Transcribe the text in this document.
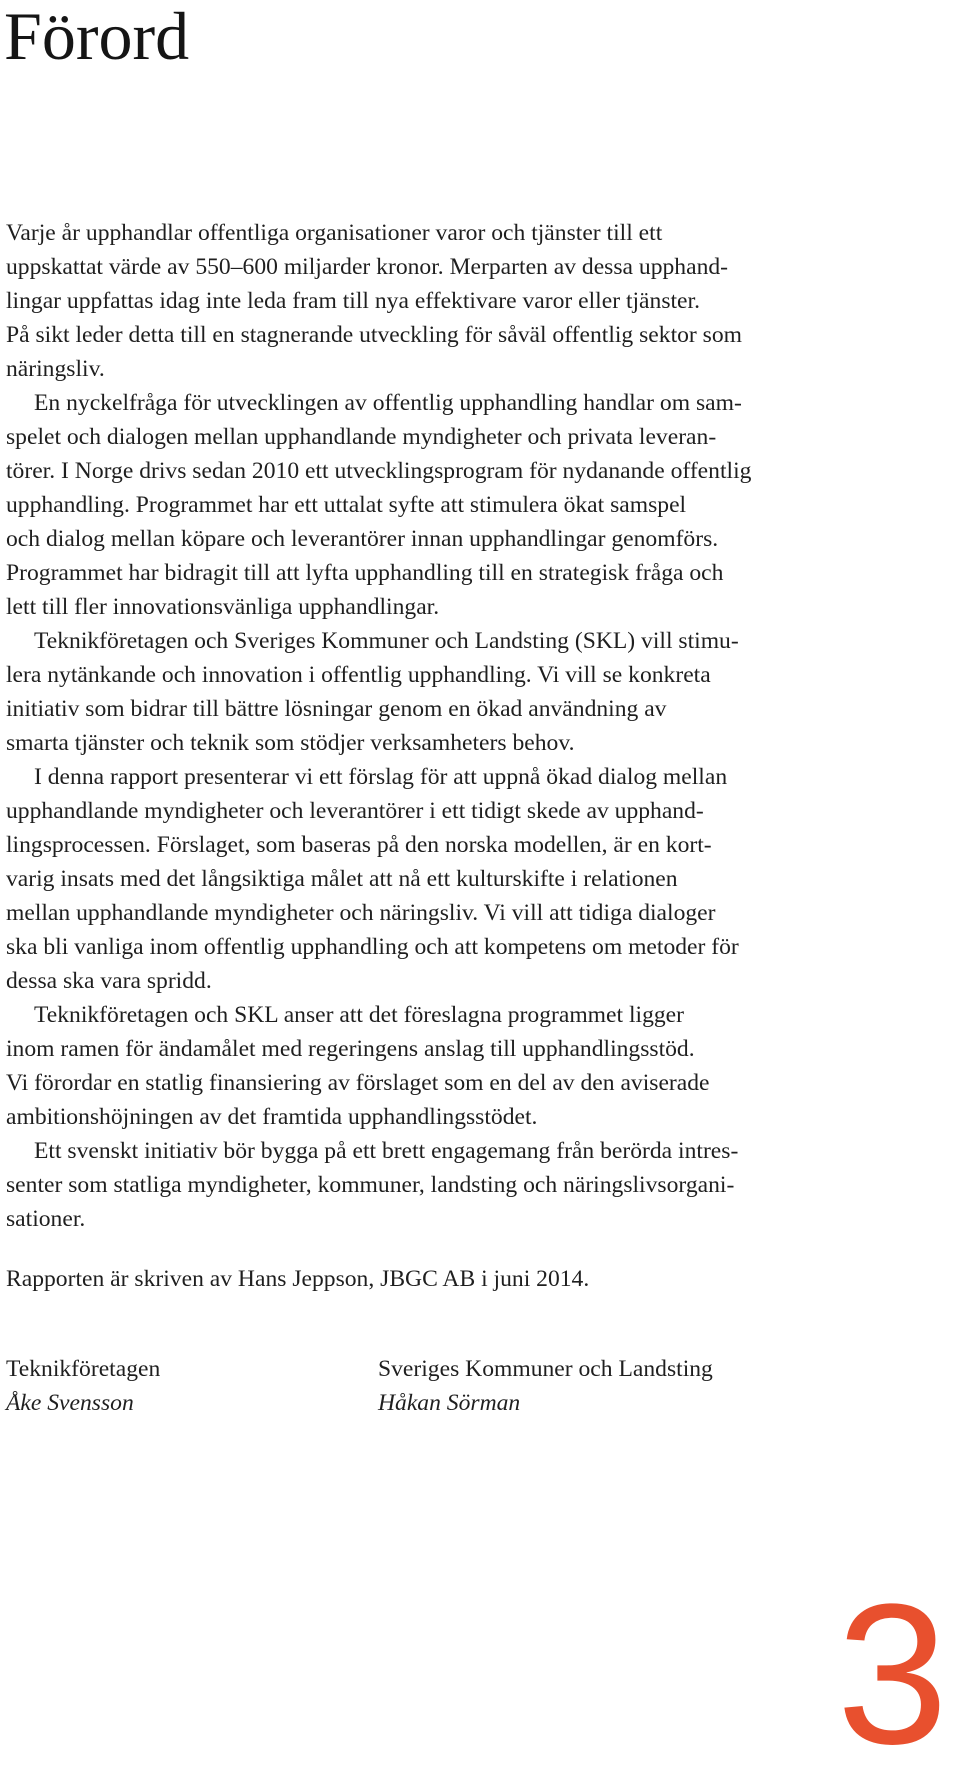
Förord

Varje år upphandlar offentliga organisationer varor och tjänster till ett
uppskattat värde av 550–600 miljarder kronor. Merparten av dessa upphand-
lingar uppfattas idag inte leda fram till nya effektivare varor eller tjänster.
På sikt leder detta till en stagnerande utveckling för såväl offentlig sektor som
näringsliv.

En nyckelfråga för utvecklingen av offentlig upphandling handlar om sam-
spelet och dialogen mellan upphandlande myndigheter och privata leveran-
törer. I Norge drivs sedan 2010 ett utvecklingsprogram för nydanande offentlig
upphandling. Programmet har ett uttalat syfte att stimulera ökat samspel
och dialog mellan köpare och leverantörer innan upphandlingar genomförs.
Programmet har bidragit till att lyfta upphandling till en strategisk fråga och
lett till fler innovationsvänliga upphandlingar.

Teknikföretagen och Sveriges Kommuner och Landsting (SKL) vill stimu-
lera nytänkande och innovation i offentlig upphandling. Vi vill se konkreta
initiativ som bidrar till bättre lösningar genom en ökad användning av
smarta tjänster och teknik som stödjer verksamheters behov.

I denna rapport presenterar vi ett förslag för att uppnå ökad dialog mellan
upphandlande myndigheter och leverantörer i ett tidigt skede av upphand-
lingsprocessen. Förslaget, som baseras på den norska modellen, är en kort-
varig insats med det långsiktiga målet att nå ett kulturskifte i relationen
mellan upphandlande myndigheter och näringsliv. Vi vill att tidiga dialoger
ska bli vanliga inom offentlig upphandling och att kompetens om metoder för
dessa ska vara spridd.

Teknikföretagen och SKL anser att det föreslagna programmet ligger
inom ramen för ändamålet med regeringens anslag till upphandlingsstöd.
Vi förordar en statlig finansiering av förslaget som en del av den aviserade
ambitionshöjningen av det framtida upphandlingsstödet.

Ett svenskt initiativ bör bygga på ett brett engagemang från berörda intres-
senter som statliga myndigheter, kommuner, landsting och näringslivsorgani-
sationer.

Rapporten är skriven av Hans Jeppson, JBGC AB i juni 2014.

Teknikföretagen
Åke Svensson
Sveriges Kommuner och Landsting
Håkan Sörman

3
